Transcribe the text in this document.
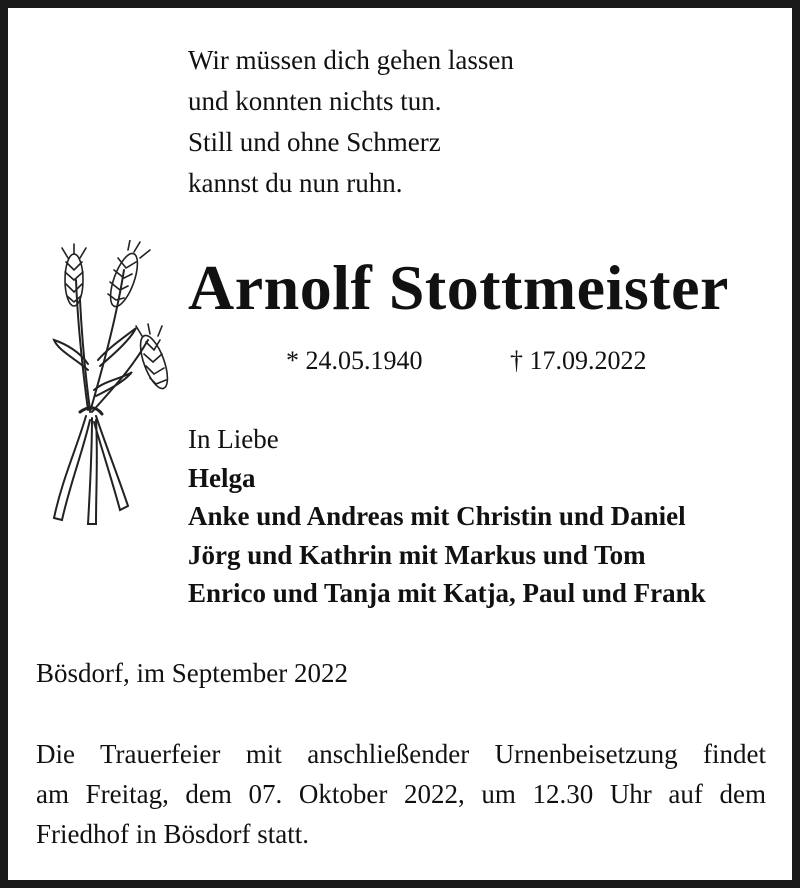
Wir müssen dich gehen lassen
und konnten nichts tun.
Still und ohne Schmerz
kannst du nun ruhn.
Arnolf Stottmeister
* 24.05.1940	† 17.09.2022
In Liebe
Helga
Anke und Andreas mit Christin und Daniel
Jörg und Kathrin mit Markus und Tom
Enrico und Tanja mit Katja, Paul und Frank
Bösdorf, im September 2022
Die Trauerfeier mit anschließender Urnenbeisetzung findet
am Freitag, dem 07. Oktober 2022, um 12.30 Uhr auf dem
Friedhof in Bösdorf statt.
